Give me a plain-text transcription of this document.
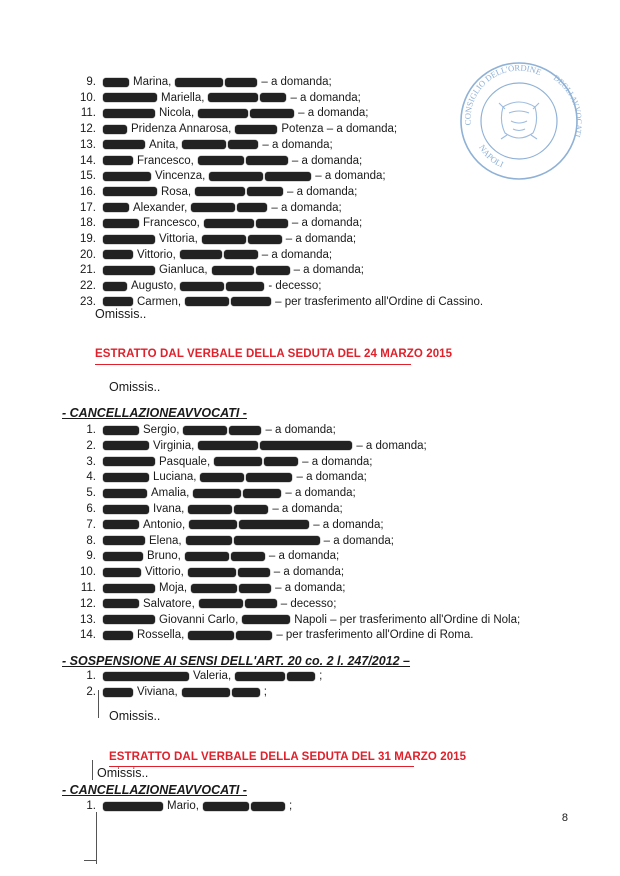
CONSIGLIO DELL'ORDINE
NAPOLI
DEGLI AVVOCATI
9.	Marina,	– a domanda;
10.	Mariella,	– a domanda;
11.	Nicola,	– a domanda;
12.	Pridenza Annarosa,	Potenza – a domanda;
13.	Anita,	– a domanda;
14.	Francesco,	– a domanda;
15.	Vincenza,	– a domanda;
16.	Rosa,	– a domanda;
17.	Alexander,	– a domanda;
18.	Francesco,	– a domanda;
19.	Vittoria,	– a domanda;
20.	Vittorio,	– a domanda;
21.	Gianluca,	– a domanda;
22.	Augusto,	- decesso;
23.	Carmen,	– per trasferimento all'Ordine di Cassino.
Omissis..
ESTRATTO DAL VERBALE DELLA SEDUTA DEL 24 MARZO 2015
Omissis..
- CANCELLAZIONEAVVOCATI -
1.	Sergio,	– a domanda;
2.	Virginia,	– a domanda;
3.	Pasquale,	– a domanda;
4.	Luciana,	– a domanda;
5.	Amalia,	– a domanda;
6.	Ivana,	– a domanda;
7.	Antonio,	– a domanda;
8.	Elena,	– a domanda;
9.	Bruno,	– a domanda;
10.	Vittorio,	– a domanda;
11.	Moja,	– a domanda;
12.	Salvatore,	– decesso;
13.	Giovanni Carlo,	Napoli – per trasferimento all'Ordine di Nola;
14.	Rossella,	– per trasferimento all'Ordine di Roma.
- SOSPENSIONE AI SENSI DELL'ART. 20 co. 2 l. 247/2012 –
1.	Valeria,	;
2.	Viviana,	;
Omissis..
ESTRATTO DAL VERBALE DELLA SEDUTA DEL 31 MARZO 2015
Omissis..
- CANCELLAZIONEAVVOCATI -
1.	Mario,	;
8
